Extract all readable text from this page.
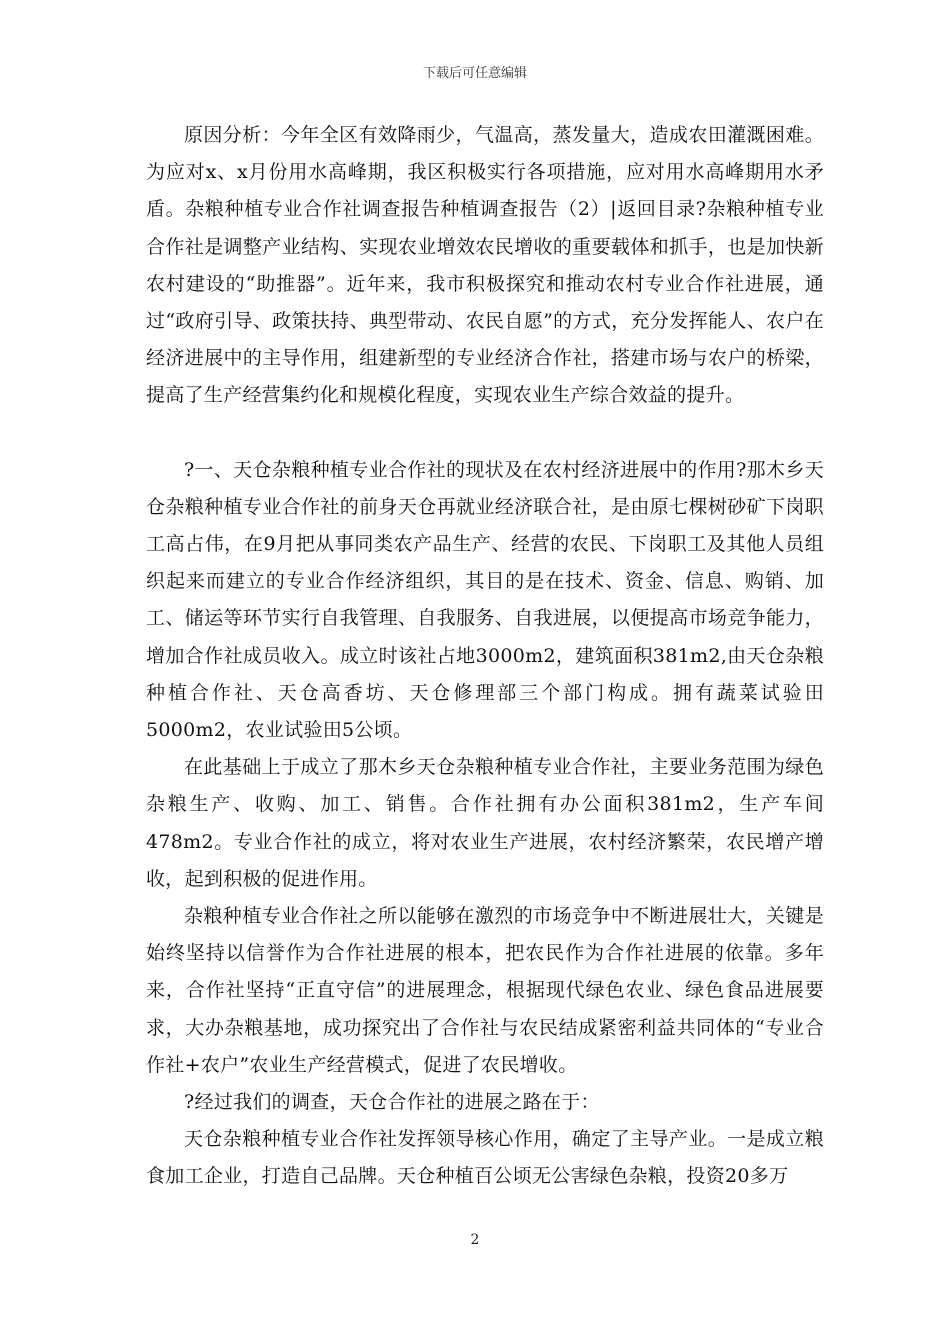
下载后可任意编辑

原因分析：今年全区有效降雨少，气温高，蒸发量大，造成农田灌溉困难。为应对x、x月份用水高峰期，我区积极实行各项措施，应对用水高峰期用水矛盾。杂粮种植专业合作社调查报告种植调查报告（2）|返回目录?杂粮种植专业合作社是调整产业结构、实现农业增效农民增收的重要载体和抓手，也是加快新农村建设的“助推器”。近年来，我市积极探究和推动农村专业合作社进展，通过“政府引导、政策扶持、典型带动、农民自愿”的方式，充分发挥能人、农户在经济进展中的主导作用，组建新型的专业经济合作社，搭建市场与农户的桥梁，提高了生产经营集约化和规模化程度，实现农业生产综合效益的提升。

?一、天仓杂粮种植专业合作社的现状及在农村经济进展中的作用?那木乡天仓杂粮种植专业合作社的前身天仓再就业经济联合社，是由原七棵树砂矿下岗职工高占伟，在9月把从事同类农产品生产、经营的农民、下岗职工及其他人员组织起来而建立的专业合作经济组织，其目的是在技术、资金、信息、购销、加工、储运等环节实行自我管理、自我服务、自我进展，以便提高市场竞争能力，增加合作社成员收入。成立时该社占地3000m2，建筑面积381m2,由天仓杂粮种植合作社、天仓高香坊、天仓修理部三个部门构成。拥有蔬菜试验田5000m2，农业试验田5公顷。

在此基础上于成立了那木乡天仓杂粮种植专业合作社，主要业务范围为绿色杂粮生产、收购、加工、销售。合作社拥有办公面积381m2，生产车间478m2。专业合作社的成立，将对农业生产进展，农村经济繁荣，农民增产增收，起到积极的促进作用。

杂粮种植专业合作社之所以能够在激烈的市场竞争中不断进展壮大，关键是始终坚持以信誉作为合作社进展的根本，把农民作为合作社进展的依靠。多年来，合作社坚持“正直守信”的进展理念，根据现代绿色农业、绿色食品进展要求，大办杂粮基地，成功探究出了合作社与农民结成紧密利益共同体的“专业合作社+农户”农业生产经营模式，促进了农民增收。

?经过我们的调查，天仓合作社的进展之路在于：

天仓杂粮种植专业合作社发挥领导核心作用，确定了主导产业。一是成立粮食加工企业，打造自己品牌。天仓种植百公顷无公害绿色杂粮，投资20多万

2
